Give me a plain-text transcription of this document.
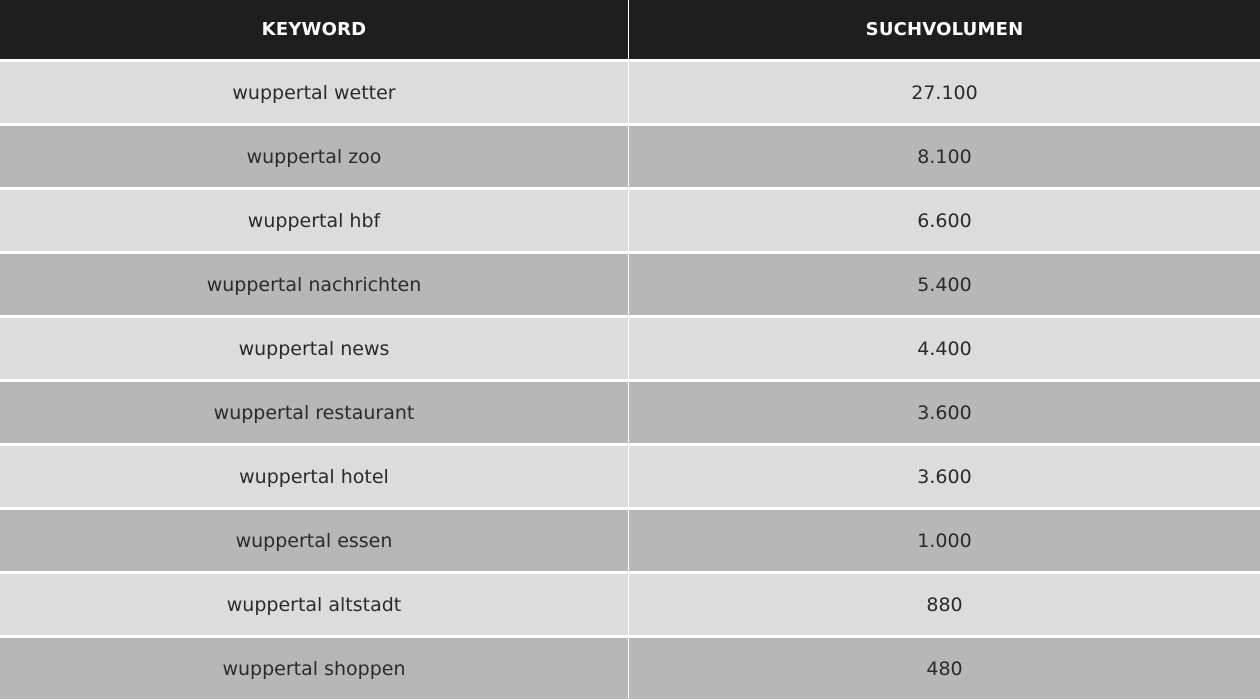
KEYWORD	SUCHVOLUMEN
wuppertal wetter	27.100
wuppertal zoo	8.100
wuppertal hbf	6.600
wuppertal nachrichten	5.400
wuppertal news	4.400
wuppertal restaurant	3.600
wuppertal hotel	3.600
wuppertal essen	1.000
wuppertal altstadt	880
wuppertal shoppen	480
